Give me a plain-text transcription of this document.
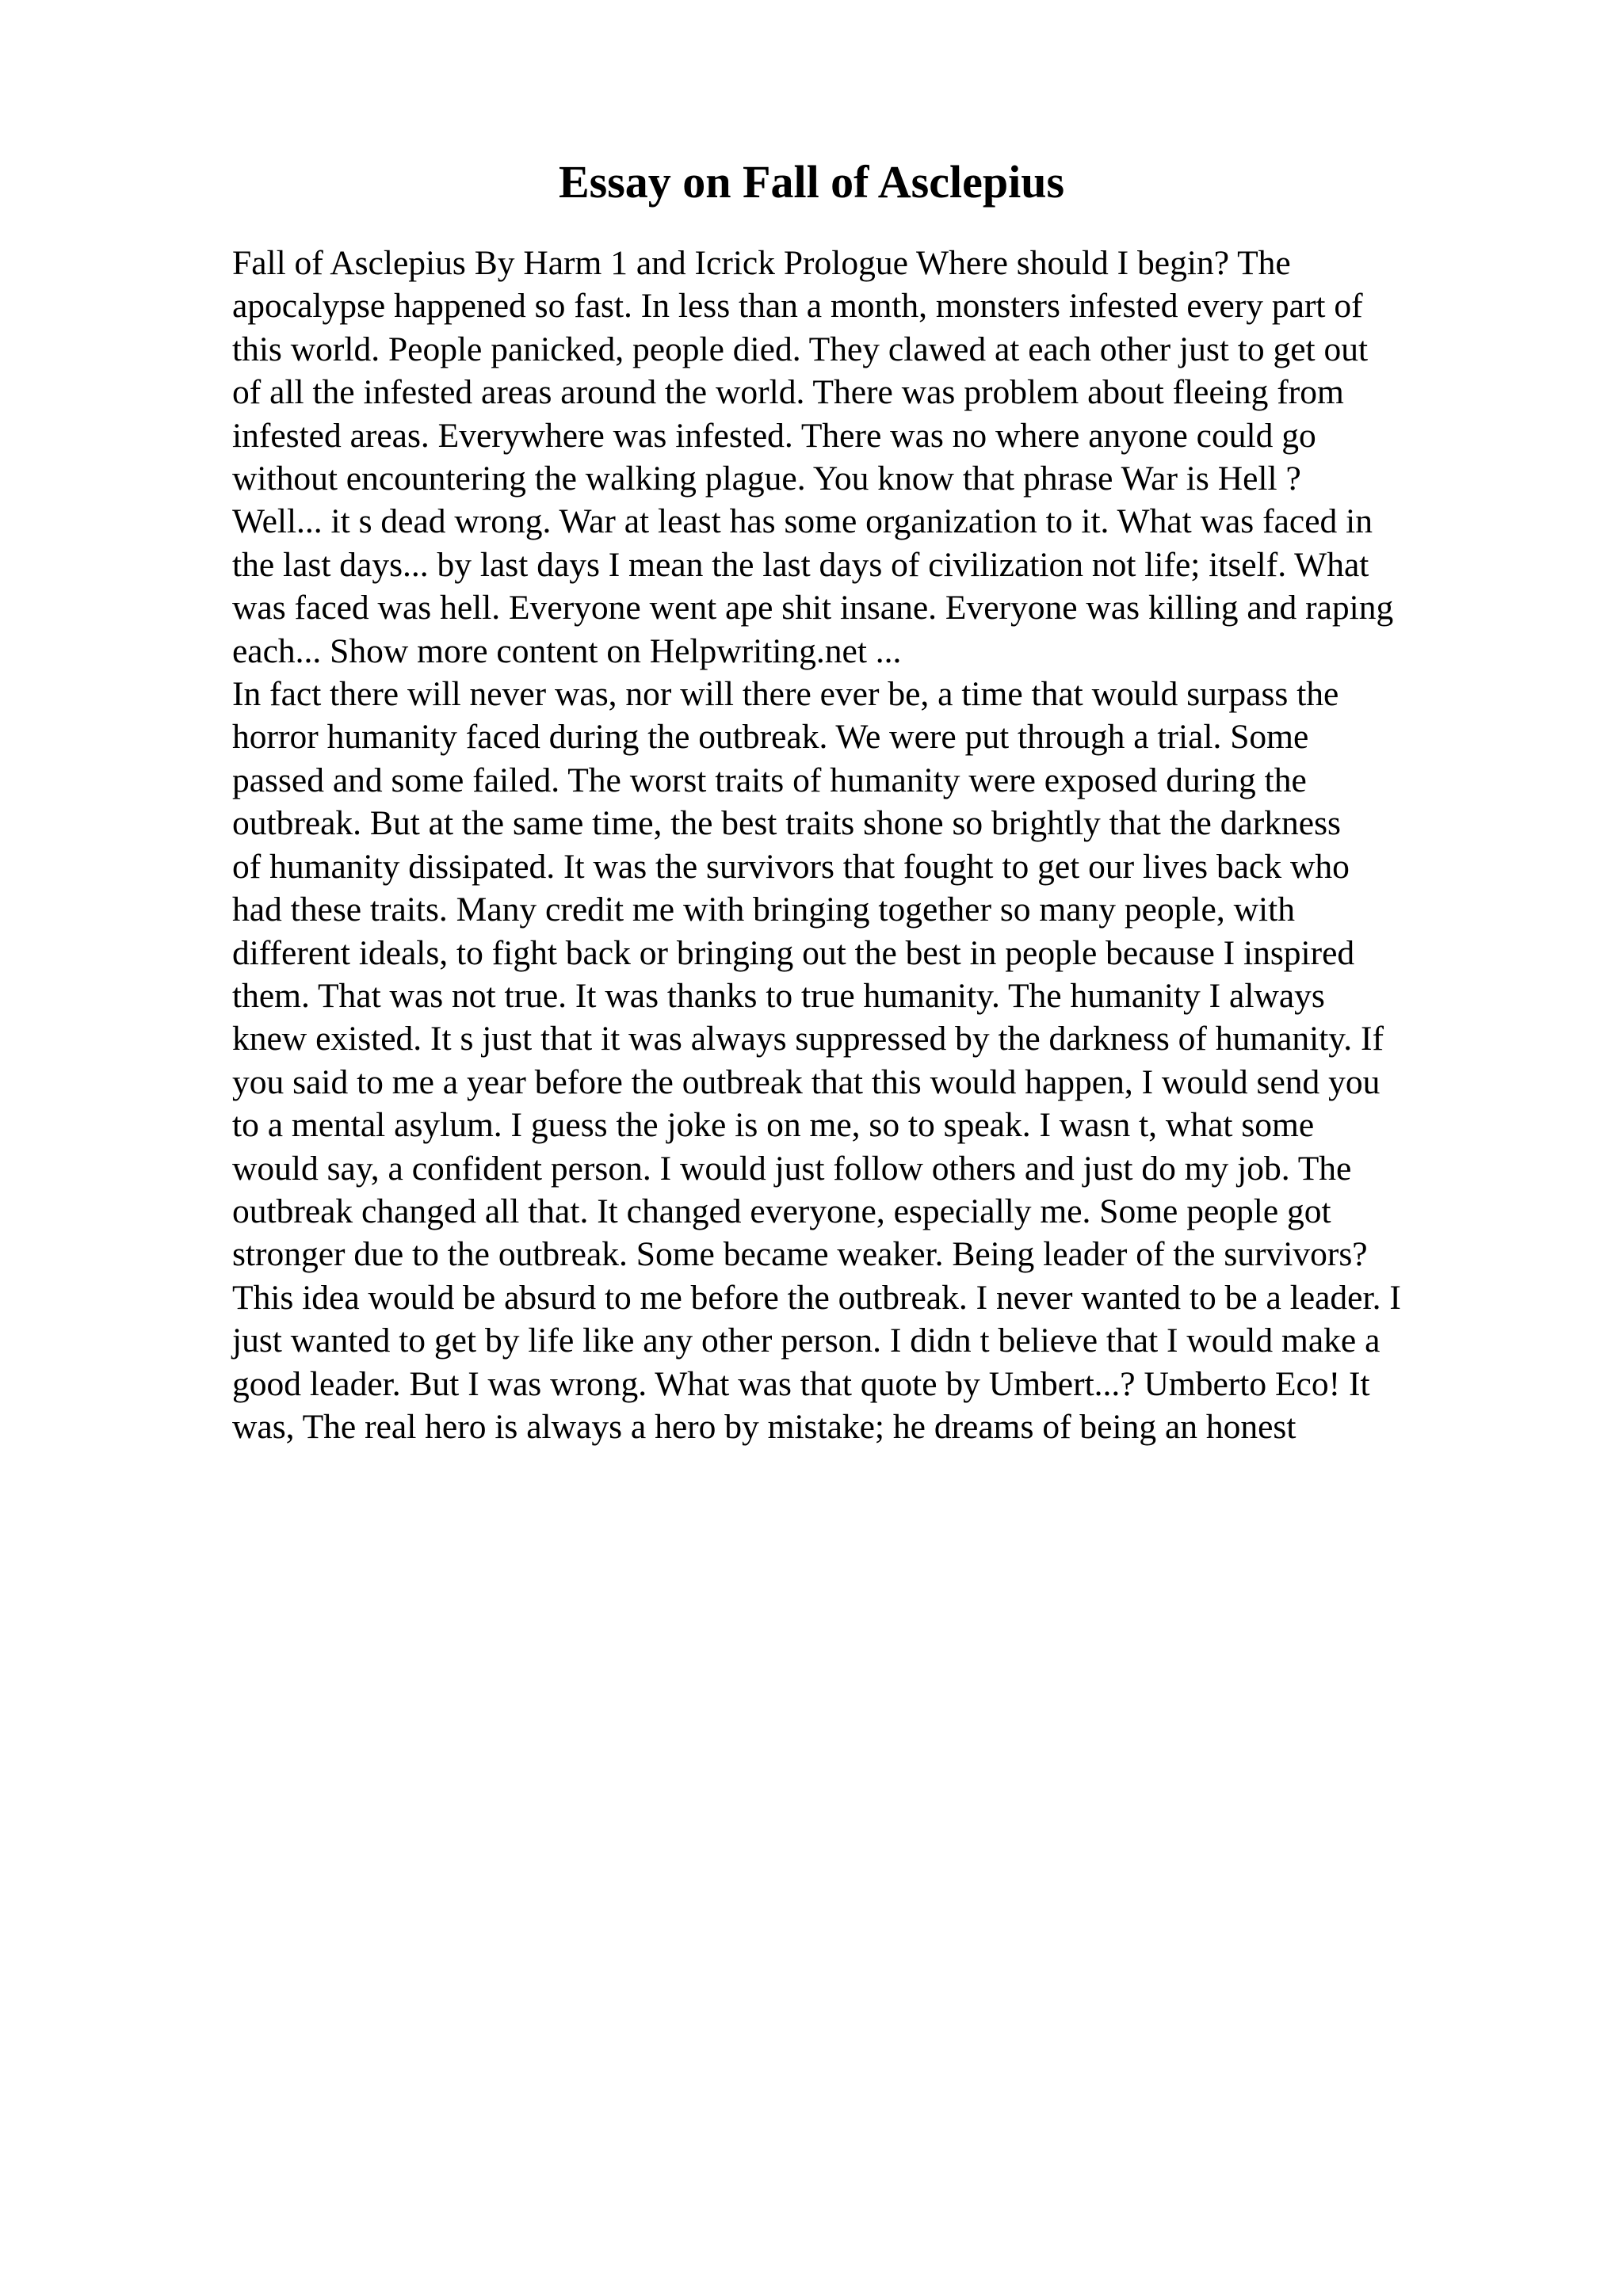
Essay on Fall of Asclepius
Fall of Asclepius By Harm 1 and Icrick Prologue Where should I begin? The
apocalypse happened so fast. In less than a month, monsters infested every part of
this world. People panicked, people died. They clawed at each other just to get out
of all the infested areas around the world. There was problem about fleeing from
infested areas. Everywhere was infested. There was no where anyone could go
without encountering the walking plague. You know that phrase War is Hell ?
Well... it s dead wrong. War at least has some organization to it. What was faced in
the last days... by last days I mean the last days of civilization not life; itself. What
was faced was hell. Everyone went ape shit insane. Everyone was killing and raping
each... Show more content on Helpwriting.net ...
In fact there will never was, nor will there ever be, a time that would surpass the
horror humanity faced during the outbreak. We were put through a trial. Some
passed and some failed. The worst traits of humanity were exposed during the
outbreak. But at the same time, the best traits shone so brightly that the darkness
of humanity dissipated. It was the survivors that fought to get our lives back who
had these traits. Many credit me with bringing together so many people, with
different ideals, to fight back or bringing out the best in people because I inspired
them. That was not true. It was thanks to true humanity. The humanity I always
knew existed. It s just that it was always suppressed by the darkness of humanity. If
you said to me a year before the outbreak that this would happen, I would send you
to a mental asylum. I guess the joke is on me, so to speak. I wasn t, what some
would say, a confident person. I would just follow others and just do my job. The
outbreak changed all that. It changed everyone, especially me. Some people got
stronger due to the outbreak. Some became weaker. Being leader of the survivors?
This idea would be absurd to me before the outbreak. I never wanted to be a leader. I
just wanted to get by life like any other person. I didn t believe that I would make a
good leader. But I was wrong. What was that quote by Umbert...? Umberto Eco! It
was, The real hero is always a hero by mistake; he dreams of being an honest
